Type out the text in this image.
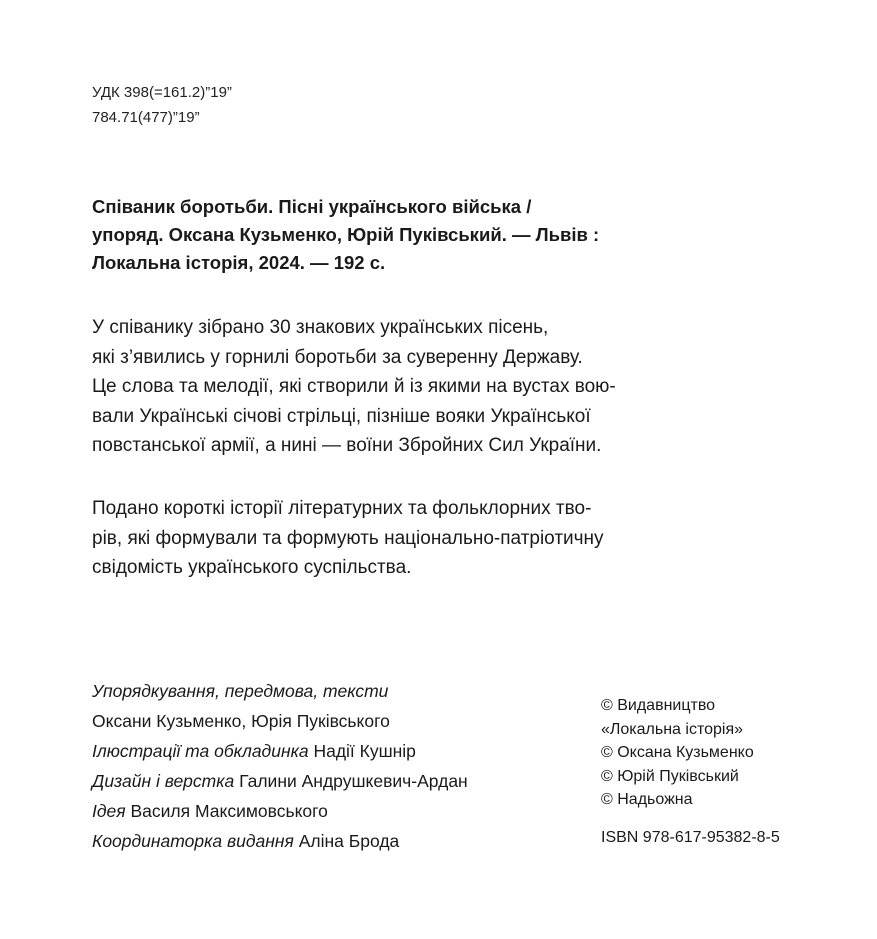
УДК 398(=161.2)”19”
784.71(477)”19”
Співаник боротьби. Пісні українського війська /
упоряд. Оксана Кузьменко, Юрій Пуківський. — Львів :
Локальна історія, 2024. — 192 с.
У співанику зібрано 30 знакових українських пісень,
які з’явились у горнилі боротьби за суверенну Державу.
Це слова та мелодії, які створили й із якими на вустах вою-
вали Українські січові стрільці, пізніше вояки Української
повстанської армії, а нині — воїни Збройних Сил України.
Подано короткі історії літературних та фольклорних тво-
рів, які формували та формують національно-патріотичну
свідомість українського суспільства.
Упорядкування, передмова, тексти
Оксани Кузьменко, Юрія Пуківського
Ілюстрації та обкладинка Надії Кушнір
Дизайн і верстка Галини Андрушкевич-Ардан
Ідея Василя Максимовського
Координаторка видання Аліна Брода
© Видавництво
«Локальна історія»
© Оксана Кузьменко
© Юрій Пуківський
© Надьожна
ISBN 978-617-95382-8-5
